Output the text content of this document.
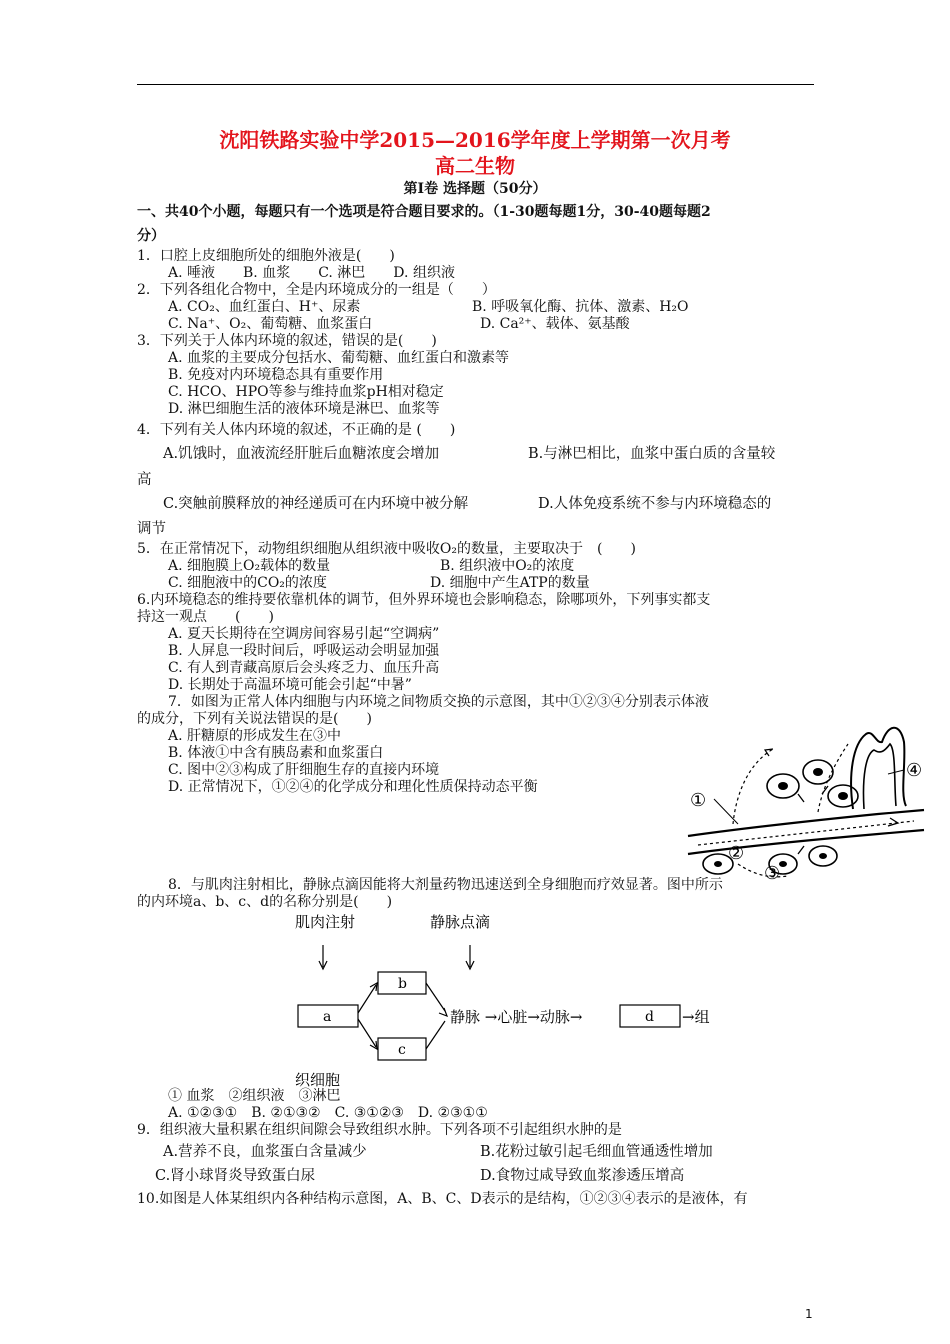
沈阳铁路实验中学2015—2016学年度上学期第一次月考
高二生物
第Ⅰ卷 选择题（50分）
一、共40个小题，每题只有一个选项是符合题目要求的。（1-30题每题1分，30-40题每题2
分）
1．口腔上皮细胞所处的细胞外液是(　　)
A. 唾液　　B. 血浆　　C. 淋巴　　D. 组织液
2．下列各组化合物中，全是内环境成分的一组是（　　）
A. CO₂、血红蛋白、H⁺、尿素	B. 呼吸氧化酶、抗体、激素、H₂O
C. Na⁺、O₂、葡萄糖、血浆蛋白	D. Ca²⁺、载体、氨基酸
3．下列关于人体内环境的叙述，错误的是(　　)
A. 血浆的主要成分包括水、葡萄糖、血红蛋白和激素等
B. 免疫对内环境稳态具有重要作用
C. HCO、HPO等参与维持血浆pH相对稳定
D. 淋巴细胞生活的液体环境是淋巴、血浆等
4．下列有关人体内环境的叙述，不正确的是 (　　)
A.饥饿时，血液流经肝脏后血糖浓度会增加	B.与淋巴相比，血浆中蛋白质的含量较
高
C.突触前膜释放的神经递质可在内环境中被分解	D.人体免疫系统不参与内环境稳态的
调节
5．在正常情况下，动物组织细胞从组织液中吸收O₂的数量，主要取决于　(　　)
A. 细胞膜上O₂载体的数量	B. 组织液中O₂的浓度
C. 细胞液中的CO₂的浓度	D. 细胞中产生ATP的数量
6.内环境稳态的维持要依靠机体的调节，但外界环境也会影响稳态，除哪项外，下列事实都支
持这一观点　　(　　)
A. 夏天长期待在空调房间容易引起“空调病”
B. 人屏息一段时间后，呼吸运动会明显加强
C. 有人到青藏高原后会头疼乏力、血压升高
D. 长期处于高温环境可能会引起“中暑”
7．如图为正常人体内细胞与内环境之间物质交换的示意图，其中①②③④分别表示体液
的成分，下列有关说法错误的是(　　)
A. 肝糖原的形成发生在③中
B. 体液①中含有胰岛素和血浆蛋白
C. 图中②③构成了肝细胞生存的直接内环境
D. 正常情况下，①②④的化学成分和理化性质保持动态平衡
①
④
②
③
8．与肌肉注射相比，静脉点滴因能将大剂量药物迅速送到全身细胞而疗效显著。图中所示
的内环境a、b、c、d的名称分别是(　　)
肌肉注射	静脉点滴
a
b
c
静脉 →心脏→动脉→	d →组
织细胞
① 血浆　②组织液　③淋巴
A. ①②③①　B. ②①③②　C. ③①②③　D. ②③①①
9．组织液大量积累在组织间隙会导致组织水肿。下列各项不引起组织水肿的是
A.营养不良，血浆蛋白含量减少	B.花粉过敏引起毛细血管通透性增加
C.肾小球肾炎导致蛋白尿	D.食物过咸导致血浆渗透压增高
10.如图是人体某组织内各种结构示意图，A、B、C、D表示的是结构，①②③④表示的是液体，有
1
